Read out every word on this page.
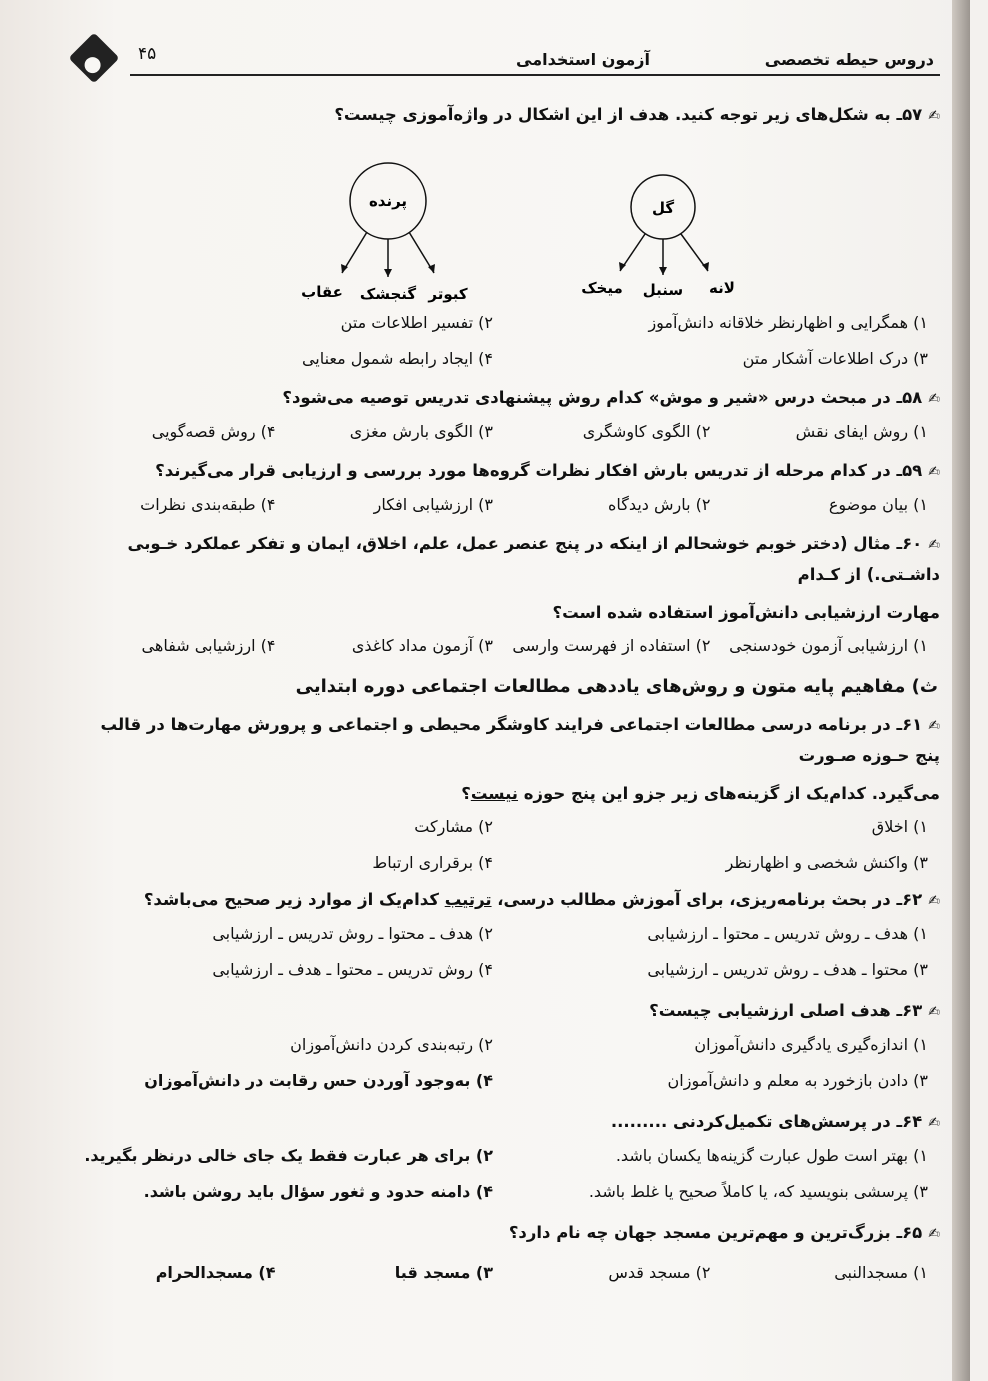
دروس حیطه تخصصی
آزمون استخدامی
۴۵

✍۵۷ـ به شکل‌های زیر توجه کنید. هدف از این اشکال در واژه‌آموزی چیست؟

گل
پرنده
لانه
سنبل
میخک
کبوتر
گنجشک
عقاب
۱) همگرایی و اظهارنظر خلاقانه دانش‌آموز
۲) تفسیر اطلاعات متن
۳) درک اطلاعات آشکار متن
۴) ایجاد رابطه شمول معنایی

✍۵۸ـ در مبحث درس «شیر و موش» کدام روش پیشنهادی تدریس توصیه می‌شود؟

۱) روش ایفای نقش
۲) الگوی کاوشگری
۳) الگوی بارش مغزی
۴) روش قصه‌گویی

✍۵۹ـ در کدام مرحله از تدریس بارش افکار نظرات گروه‌ها مورد بررسی و ارزیابی قرار می‌گیرند؟

۱) بیان موضوع
۲) بارش دیدگاه
۳) ارزشیابی افکار
۴) طبقه‌بندی نظرات

✍۶۰ـ مثال (دختر خوبم خوشحالم از اینکه در پنج عنصر عمل، علم، اخلاق، ایمان و تفکر عملکرد خـوبی داشـتی.) از کـدام

مهارت ارزشیابی دانش‌آموز استفاده شده است؟

۱) ارزشیابی آزمون خودسنجی
۲) استفاده از فهرست وارسی
۳) آزمون مداد کاغذی
۴) ارزشیابی شفاهی
ث) مفاهیم پایه متون و روش‌های یاددهی مطالعات اجتماعی دوره ابتدایی

✍۶۱ـ در برنامه درسی مطالعات اجتماعی فرایند کاوشگر محیطی و اجتماعی و پرورش مهارت‌ها در قالب پنج حـوزه صـورت

می‌گیرد. کدام‌یک از گزینه‌های زیر جزو این پنج حوزه نیست؟

۱) اخلاق
۲) مشارکت
۳) واکنش شخصی و اظهارنظر
۴) برقراری ارتباط

✍۶۲ـ در بحث برنامه‌ریزی، برای آموزش مطالب درسی، ترتیب کدام‌یک از موارد زیر صحیح می‌باشد؟

۱) هدف ـ روش تدریس ـ محتوا ـ ارزشیابی
۲) هدف ـ محتوا ـ روش تدریس ـ ارزشیابی
۳) محتوا ـ هدف ـ روش تدریس ـ ارزشیابی
۴) روش تدریس ـ محتوا ـ هدف ـ ارزشیابی

✍۶۳ـ هدف اصلی ارزشیابی چیست؟

۱) اندازه‌گیری یادگیری دانش‌آموزان
۲) رتبه‌بندی کردن دانش‌آموزان
۳) دادن بازخورد به معلم و دانش‌آموزان
۴) به‌وجود آوردن حس رقابت در دانش‌آموزان

✍۶۴ـ در پرسش‌های تکمیل‌کردنی .........

۱) بهتر است طول عبارت گزینه‌ها یکسان باشد.
۲) برای هر عبارت فقط یک جای خالی درنظر بگیرید.
۳) پرسشی بنویسید که، یا کاملاً صحیح یا غلط باشد.
۴) دامنه حدود و ثغور سؤال باید روشن باشد.

✍۶۵ـ بزرگ‌ترین و مهم‌ترین مسجد جهان چه نام دارد؟

۱) مسجدالنبی
۲) مسجد قدس
۳) مسجد قبا
۴) مسجدالحرام
